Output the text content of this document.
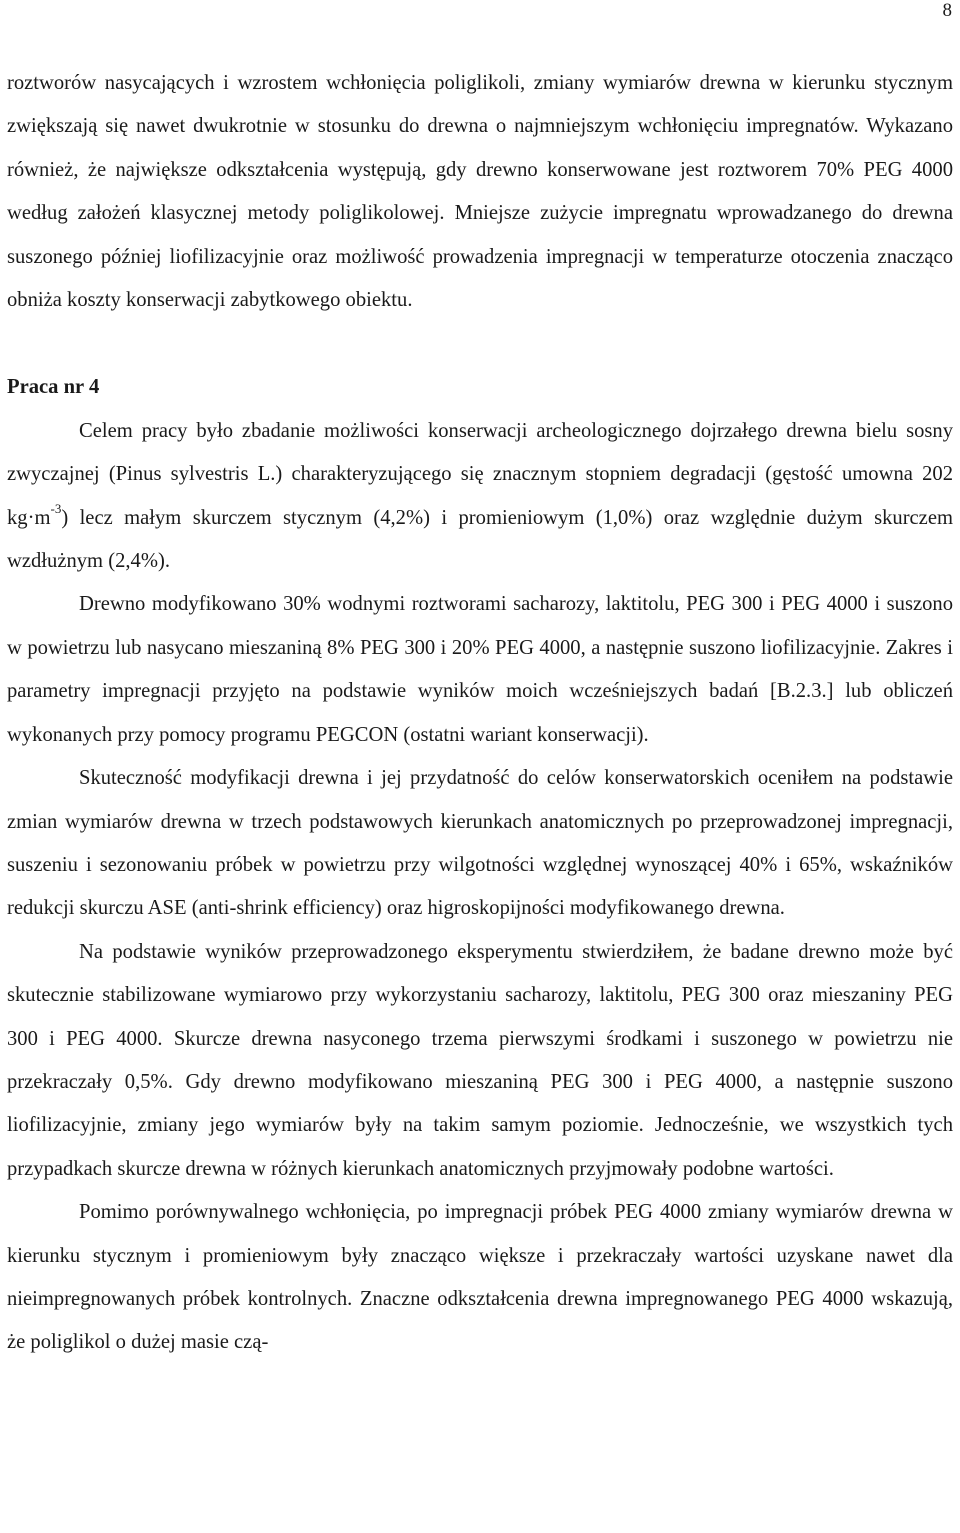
8

roztworów nasycających i wzrostem wchłonięcia poliglikoli, zmiany wymiarów drewna w kierunku stycznym zwiększają się nawet dwukrotnie w stosunku do drewna o najmniejszym wchłonięciu impregnatów. Wykazano również, że największe odkształcenia występują, gdy drewno konserwowane jest roztworem 70% PEG 4000 według założeń klasycznej metody poliglikolowej. Mniejsze zużycie impregnatu wprowadzanego do drewna suszonego później liofilizacyjnie oraz możliwość prowadzenia impregnacji w temperaturze otoczenia znacząco obniża koszty konserwacji zabytkowego obiektu.

Praca nr 4

Celem pracy było zbadanie możliwości konserwacji archeologicznego dojrzałego drewna bielu sosny zwyczajnej (Pinus sylvestris L.) charakteryzującego się znacznym stopniem degradacji (gęstość umowna 202 $kg\cdot m^{-3}$) lecz małym skurczem stycznym (4,2%) i promieniowym (1,0%) oraz względnie dużym skurczem wzdłużnym (2,4%).

Drewno modyfikowano 30% wodnymi roztworami sacharozy, laktitolu, PEG 300 i PEG 4000 i suszono w powietrzu lub nasycano mieszaniną 8% PEG 300 i 20% PEG 4000, a następnie suszono liofilizacyjnie. Zakres i parametry impregnacji przyjęto na podstawie wyników moich wcześniejszych badań [B.2.3.] lub obliczeń wykonanych przy pomocy programu PEGCON (ostatni wariant konserwacji).

Skuteczność modyfikacji drewna i jej przydatność do celów konserwatorskich oceniłem na podstawie zmian wymiarów drewna w trzech podstawowych kierunkach anatomicznych po przeprowadzonej impregnacji, suszeniu i sezonowaniu próbek w powietrzu przy wilgotności względnej wynoszącej 40% i 65%, wskaźników redukcji skurczu ASE (anti-shrink efficiency) oraz higroskopijności modyfikowanego drewna.

Na podstawie wyników przeprowadzonego eksperymentu stwierdziłem, że badane drewno może być skutecznie stabilizowane wymiarowo przy wykorzystaniu sacharozy, laktitolu, PEG 300 oraz mieszaniny PEG 300 i PEG 4000. Skurcze drewna nasyconego trzema pierwszymi środkami i suszonego w powietrzu nie przekraczały 0,5%. Gdy drewno modyfikowano mieszaniną PEG 300 i PEG 4000, a następnie suszono liofilizacyjnie, zmiany jego wymiarów były na takim samym poziomie. Jednocześnie, we wszystkich tych przypadkach skurcze drewna w różnych kierunkach anatomicznych przyjmowały podobne wartości.

Pomimo porównywalnego wchłonięcia, po impregnacji próbek PEG 4000 zmiany wymiarów drewna w kierunku stycznym i promieniowym były znacząco większe i przekraczały wartości uzyskane nawet dla nieimpregnowanych próbek kontrolnych. Znaczne odkształcenia drewna impregnowanego PEG 4000 wskazują, że poliglikol o dużej masie czą-
